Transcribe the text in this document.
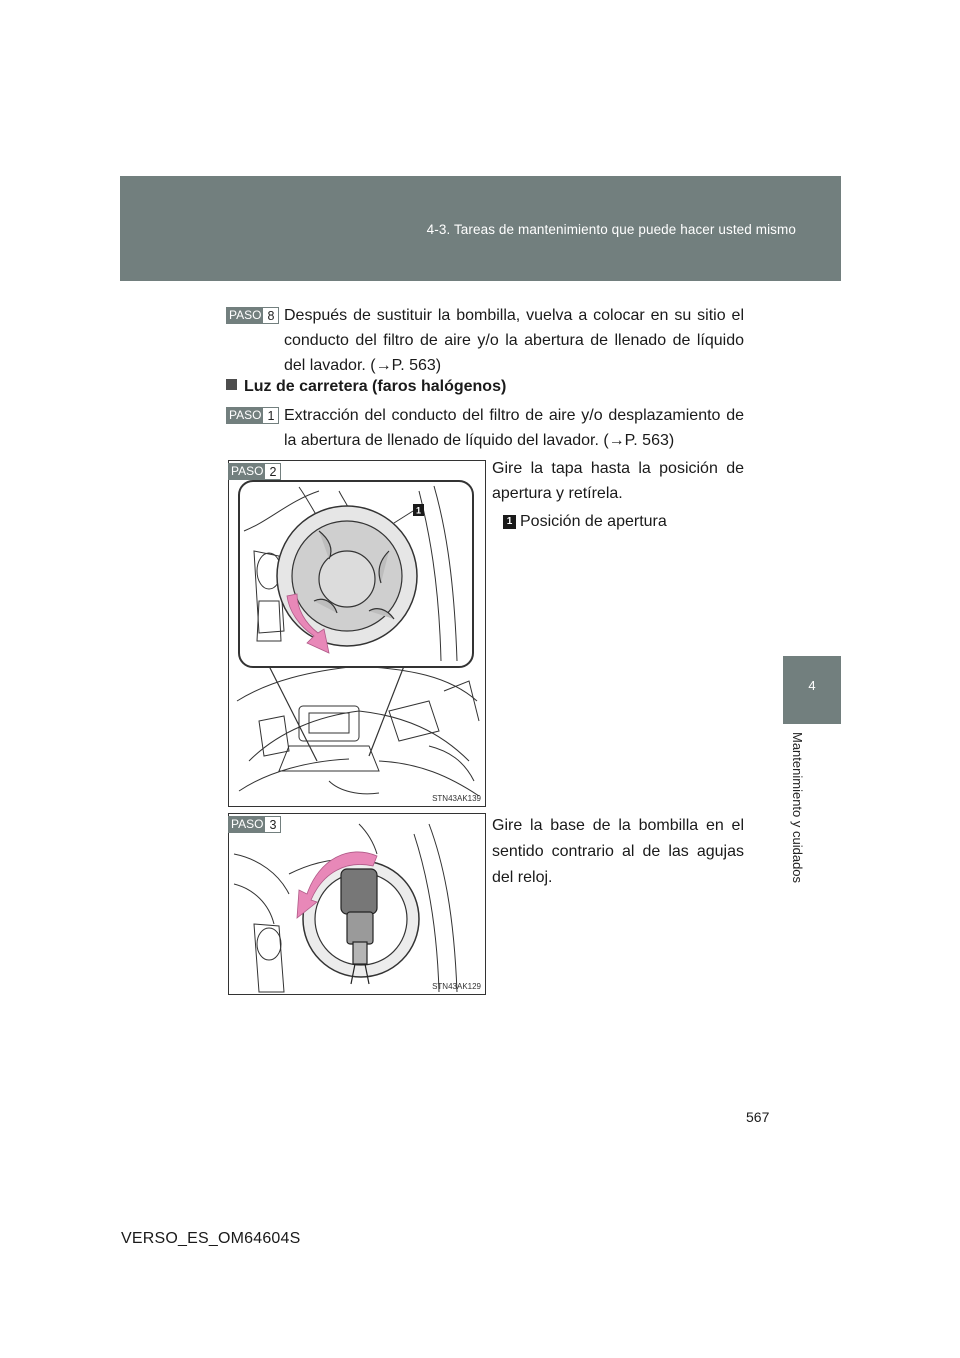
4-3. Tareas de mantenimiento que puede hacer usted mismo
4
Mantenimiento y cuidados
PASO 8 Después de sustituir la bombilla, vuelva a colocar en su sitio el conducto del filtro de aire y/o la abertura de llenado de líquido del lavador. (→P. 563)
Luz de carretera (faros halógenos)
PASO 1 Extracción del conducto del filtro de aire y/o desplazamiento de la abertura de llenado de líquido del lavador. (→P. 563)
1
STN43AK139
PASO 2	Gire la tapa hasta la posición de apertura y retírela.
1 Posición de apertura
STN43AK129
PASO 3	Gire la base de la bombilla en el sentido contrario al de las agujas del reloj.
567
VERSO_ES_OM64604S
